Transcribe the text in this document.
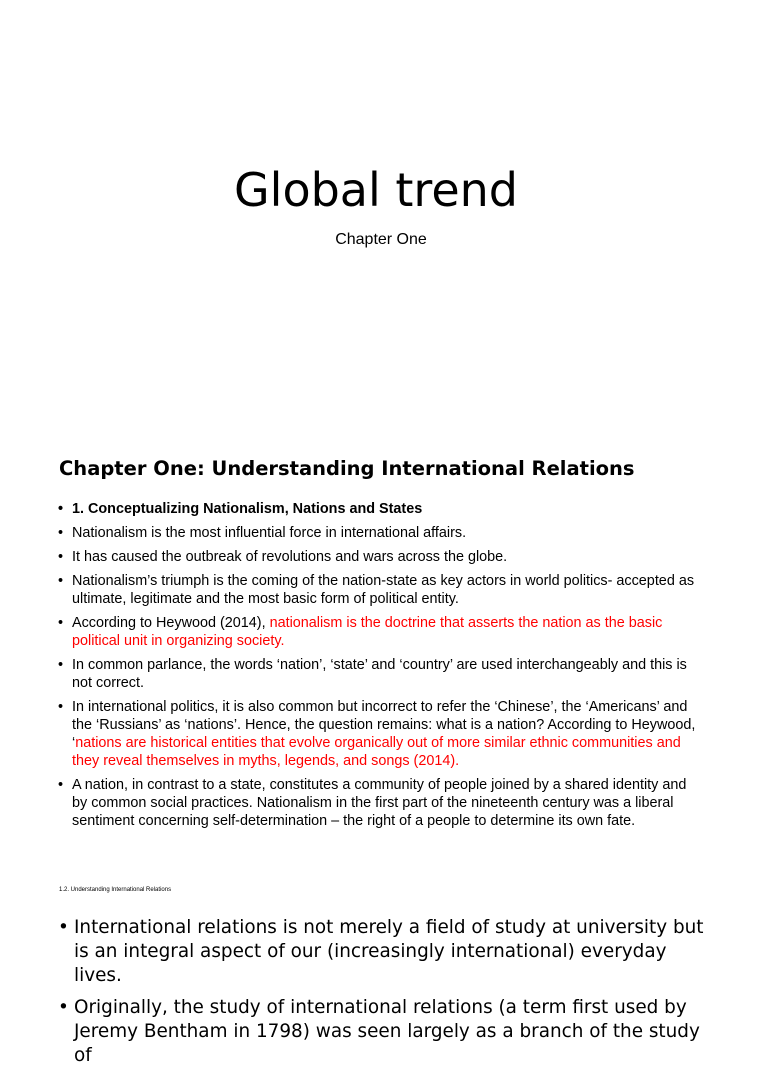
Global trend

Chapter One

Chapter One: Understanding International Relations
• 1. Conceptualizing Nationalism, Nations and States
• Nationalism is the most influential force in international affairs.
• It has caused the outbreak of revolutions and wars across the globe.
• Nationalism’s triumph is the coming of the nation-state as key actors in world politics- accepted as ultimate, legitimate and the most basic form of political entity.
• According to Heywood (2014), nationalism is the doctrine that asserts the nation as the basic political unit in organizing society.
• In common parlance, the words ‘nation’, ‘state’ and ‘country’ are used interchangeably and this is not correct.
• In international politics, it is also common but incorrect to refer the ‘Chinese’, the ‘Americans’ and the ‘Russians’ as ‘nations’. Hence, the question remains: what is a nation? According to Heywood, ‘nations are historical entities that evolve organically out of more similar ethnic communities and they reveal themselves in myths, legends, and songs (2014).
• A nation, in contrast to a state, constitutes a community of people joined by a shared identity and by common social practices. Nationalism in the first part of the nineteenth century was a liberal sentiment concerning self-determination – the right of a people to determine its own fate.

1.2. Understanding International Relations

• International relations is not merely a field of study at university but is an integral aspect of our (increasingly international) everyday lives.
• Originally, the study of international relations (a term first used by Jeremy Bentham in 1798) was seen largely as a branch of the study of
